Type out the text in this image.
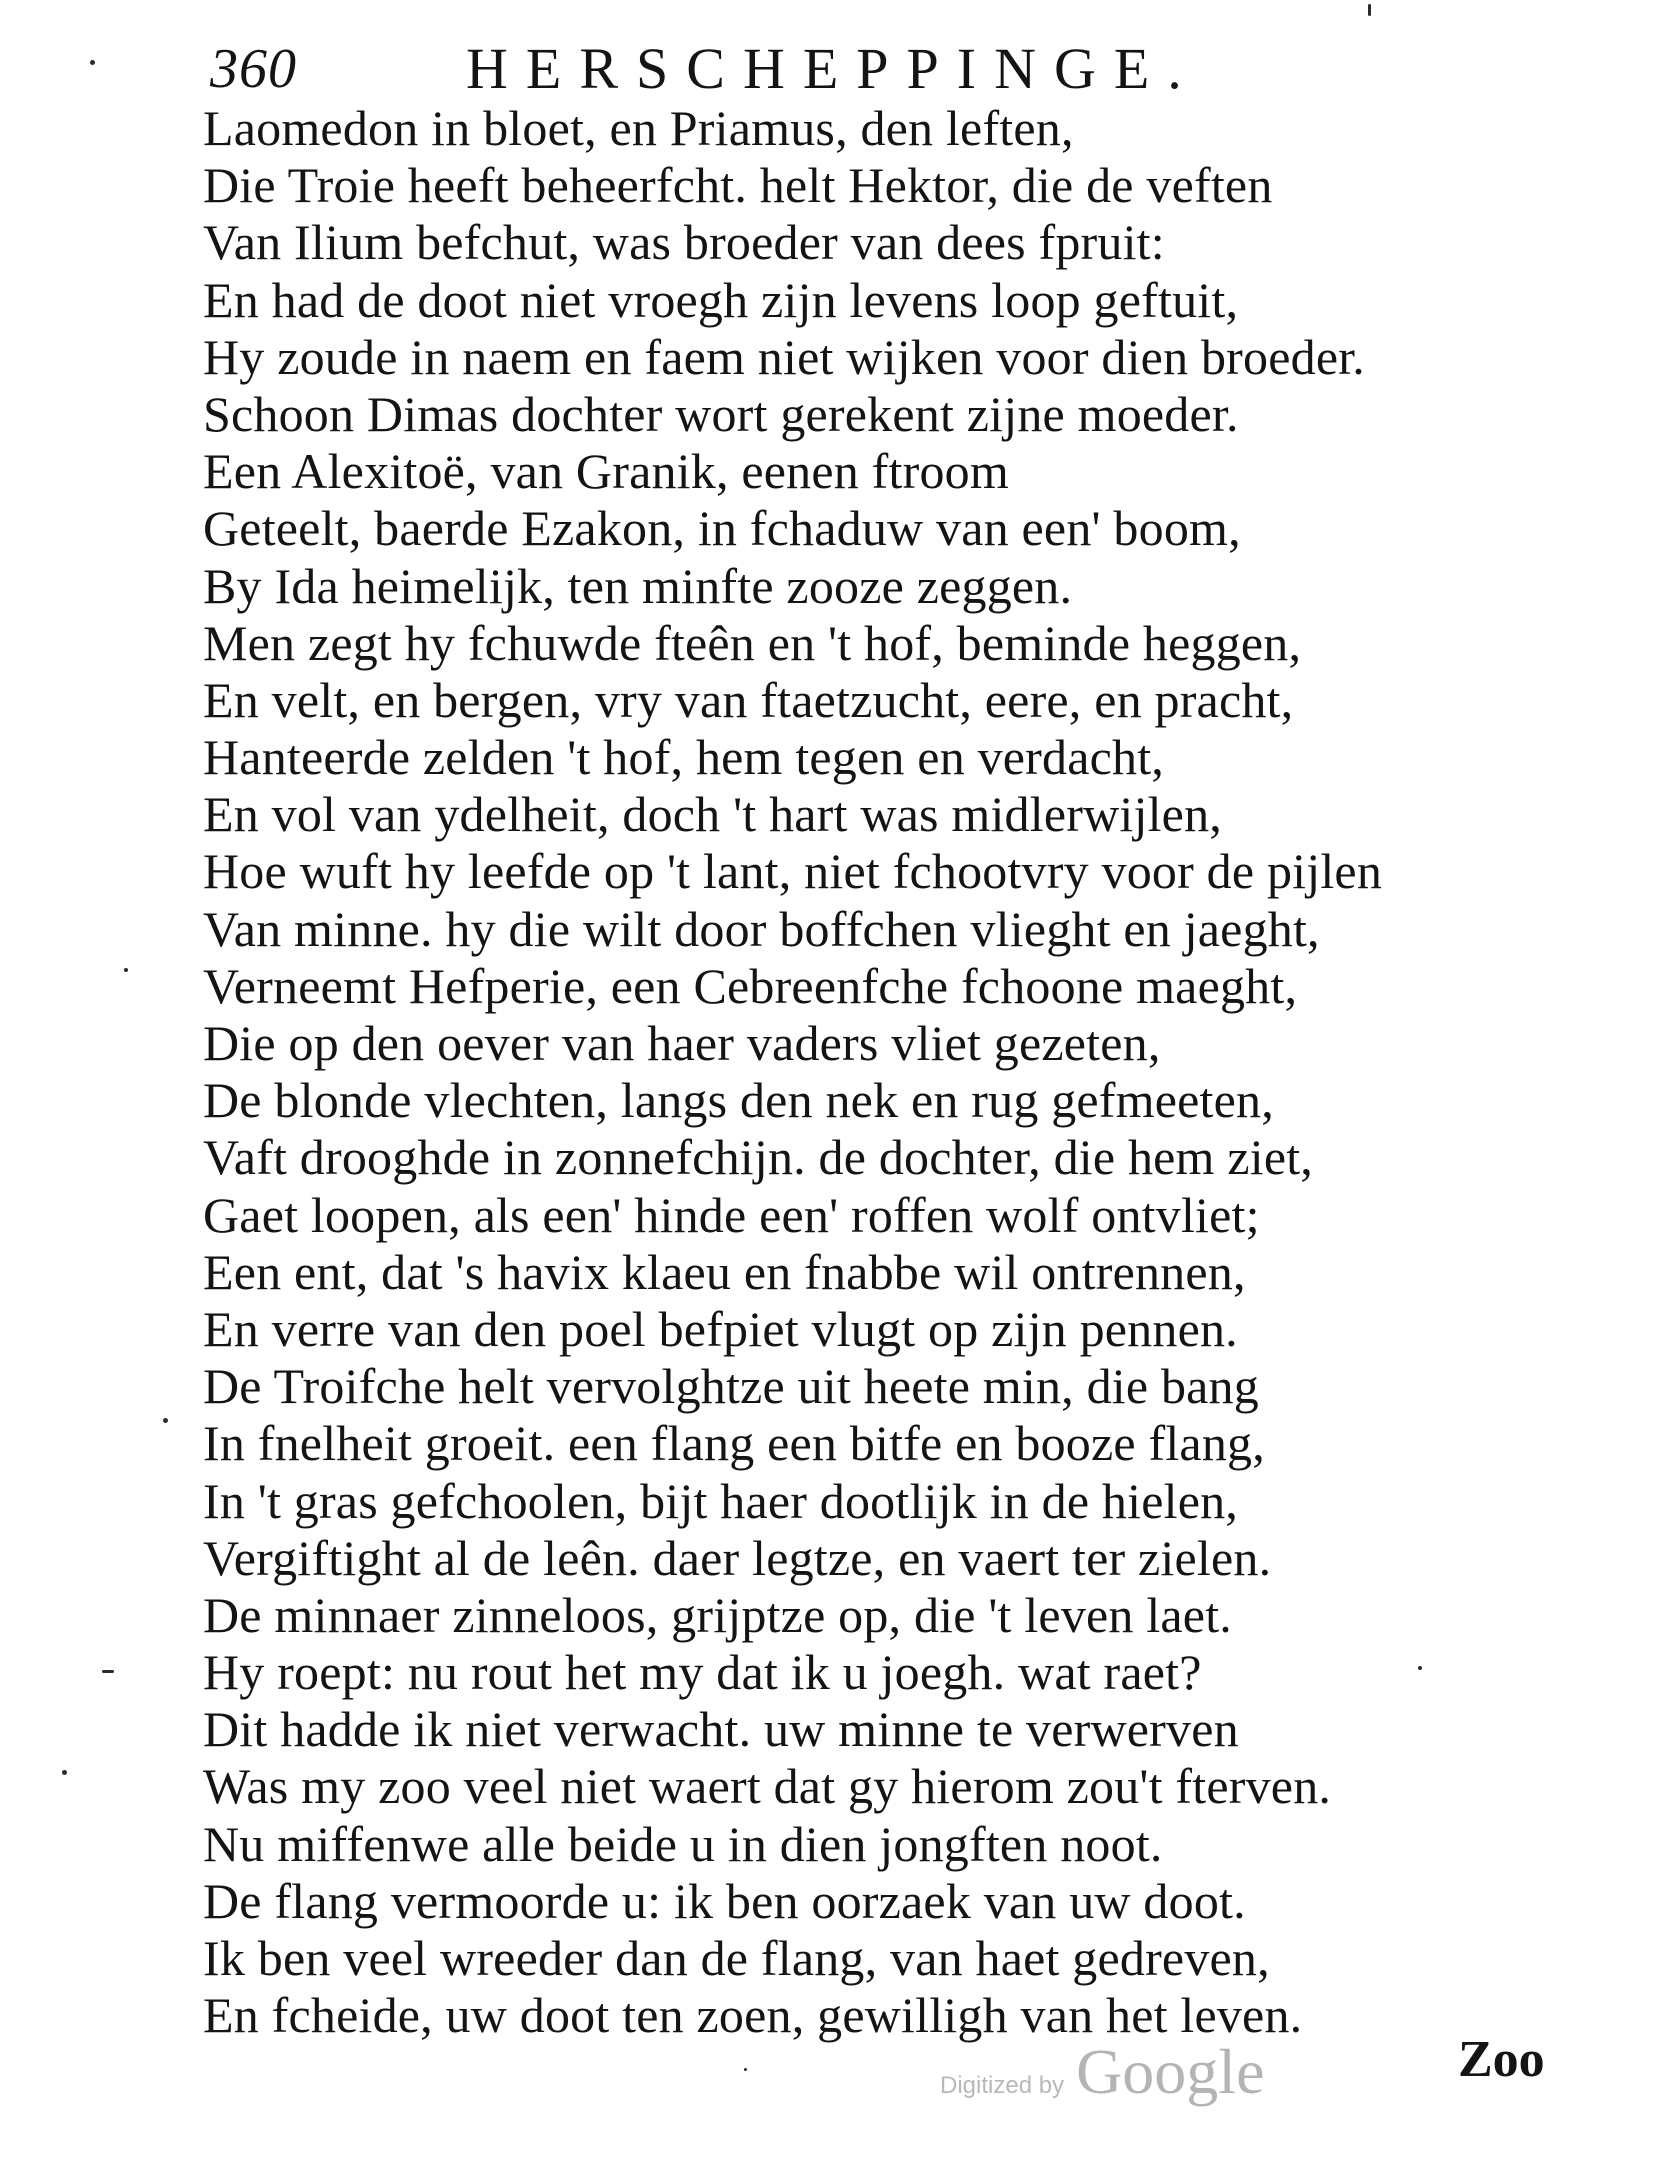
360	HERSCHEPPINGE.
Laomedon in bloet, en Priamus, den leften,
Die Troie heeft beheerfcht. helt Hektor, die de veften
Van Ilium befchut, was broeder van dees fpruit:
En had de doot niet vroegh zijn levens loop geftuit,
Hy zoude in naem en faem niet wijken voor dien broeder.
Schoon Dimas dochter wort gerekent zijne moeder.
Een Alexitoë, van Granik, eenen ftroom
Geteelt, baerde Ezakon, in fchaduw van een' boom,
By Ida heimelijk, ten minfte zooze zeggen.
Men zegt hy fchuwde fteên en 't hof, beminde heggen,
En velt, en bergen, vry van ftaetzucht, eere, en pracht,
Hanteerde zelden 't hof, hem tegen en verdacht,
En vol van ydelheit, doch 't hart was midlerwijlen,
Hoe wuft hy leefde op 't lant, niet fchootvry voor de pijlen
Van minne. hy die wilt door boffchen vlieght en jaeght,
Verneemt Hefperie, een Cebreenfche fchoone maeght,
Die op den oever van haer vaders vliet gezeten,
De blonde vlechten, langs den nek en rug gefmeeten,
Vaft drooghde in zonnefchijn. de dochter, die hem ziet,
Gaet loopen, als een' hinde een' roffen wolf ontvliet;
Een ent, dat 's havix klaeu en fnabbe wil ontrennen,
En verre van den poel befpiet vlugt op zijn pennen.
De Troifche helt vervolghtze uit heete min, die bang
In fnelheit groeit. een flang een bitfe en booze flang,
In 't gras gefchoolen, bijt haer dootlijk in de hielen,
Vergiftight al de leên. daer legtze, en vaert ter zielen.
De minnaer zinneloos, grijptze op, die 't leven laet.
Hy roept: nu rout het my dat ik u joegh. wat raet?
Dit hadde ik niet verwacht. uw minne te verwerven
Was my zoo veel niet waert dat gy hierom zou't fterven.
Nu miffenwe alle beide u in dien jongften noot.
De flang vermoorde u: ik ben oorzaek van uw doot.
Ik ben veel wreeder dan de flang, van haet gedreven,
En fcheide, uw doot ten zoen, gewilligh van het leven.
Digitized by Google	Zoo
